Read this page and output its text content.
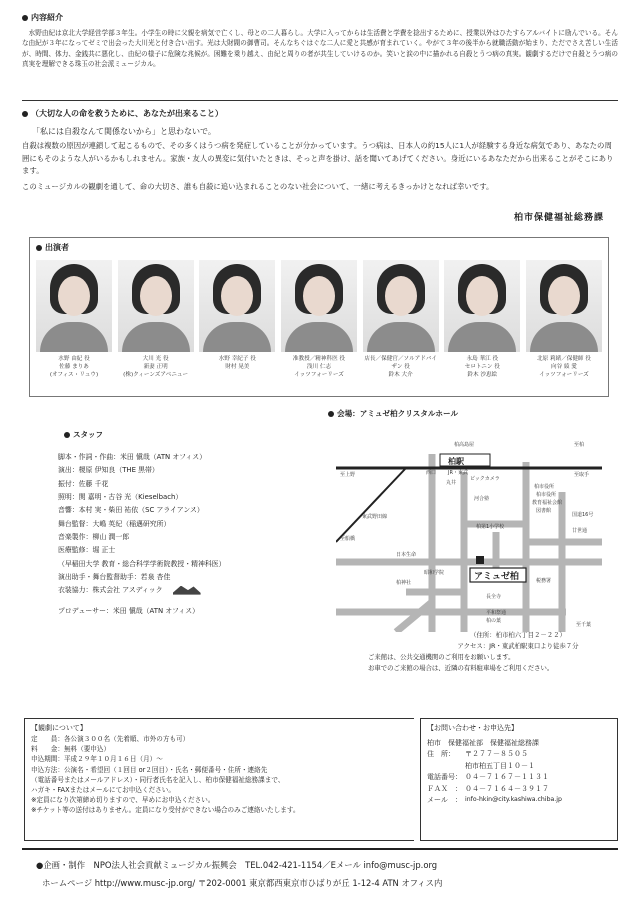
内容紹介

水野由紀は京北大学経営学部３年生。小学生の時に父親を病気で亡くし、母との二人暮らし。大学に入ってからは生活費と学費を捻出するために、授業以外はひたすらアルバイトに励んでいる。そんな由紀が３年になってゼミで出会った大川光と付き合い出す。光は大財閥の御曹司。そんなちぐはぐな二人に愛と共感が育まれていく。やがて３年の後半から就職活動が始まり、ただでさえ苦しい生活が、時間、体力、金銭共に悪化し、由紀の様子に危険な兆候が。困難を乗り越え、由紀と周りの者が共生していけるのか。笑いと涙の中に描かれる自殺とうつ病の真実。観劇するだけで自殺とうつ病の真実を理解できる珠玉の社会派ミュージカル。

（大切な人の命を救うために、あなたが出来ること）

「私には自殺なんて関係ないから」と思わないで。

自殺は複数の原因が連鎖して起こるもので、その多くはうつ病を発症していることが分かっています。うつ病は、日本人の約15人に1人が経験する身近な病気であり、あなたの周囲にもそのような人がいるかもしれません。家族・友人の異変に気付いたときは、そっと声を掛け、話を聞いてあげてください。身近にいるあなただから出来ることがそこにあります。

このミュージカルの観劇を通して、命の大切さ、誰も自殺に追い込まれることのない社会について、一緒に考えるきっかけとなれば幸いです。

柏市保健福祉総務課
出演者
水野 由紀 役
佐藤 まりあ
(オフィス・リュウ)
大川 光 役
新妻 正明
(株)クィーンズアベニュー
水野 幸紀子 役
財村 晃美
准教授／精神科医 役
浅川 仁志
イッツフォーリーズ
店長／保健官／ソルアドバイザン 役
鈴木 大介
永島 華江 役
セロトニン 役
鈴木 沙恵絵
北原 莉緒／保健師 役
向谷 綾 愛
イッツフォーリーズ
スタッフ
脚本・作詞・作曲：米田 愼哉（ATN オフィス）
演出：榎原 伊知良（THE 黒帯）
振付：佐藤 千花
照明：関 嘉明・古谷 光（Kieselbach）
音響：本村 実・柴田 祐依（SC アライアンス）
舞台監督：大嶋 英紀（稲邁研究所）
音楽製作：柳山 潤一郎
医療監修：堀 正士
（早稲田大学 教育・総合科学学術院教授・精神科医）
演出助手・舞台監督助手：若泉 杏佳
衣装協力：株式会社 アスディック
プロデューサー：米田 愼哉（ATN オフィス）
会場：アミュゼ柏クリスタルホール
柏駅
アミュゼ柏
柏高島屋
西口 JR・東武
ビックカメラ
丸井
至上野	至取手
至船橋
東武野田線
至柏
日本生命
柏神社
柏市役所
国道16号
教育福祉会館
図書館
河合塾
柏第1小学校
廿世通
柏の葉
昭和学院
長全寺
税務署
平和祭通
至千葉
柏市役所
（住所：柏市柏六丁目２－２２）
アクセス：JR・東武柏駅東口より徒歩７分
ご来館は、公共交通機関のご利用をお願いします。
お車でのご来館の場合は、近隣の有料駐車場をご利用ください。
【観劇について】
定　　員：各公演３００名（先着順、市外の方も可）
料　　金：無料（要申込）
申込期間：平成２９年１０月１６日（月）～
申込方法：公演名・希望回（１回目 or２回目）・氏名・郵便番号・住所・連絡先
（電話番号またはメールアドレス）・同行者氏名を記入し、柏市保健福祉総務課まで、
ハガキ・FAXまたはメールにてお申込ください。
※定員になり次第締め切りますので、早めにお申込ください。
※チケット等の送付はありません。定員になり受付ができない場合のみご連絡いたします。
【お問い合わせ・お申込先】
柏市　保健福祉部　保健福祉総務課
住　所：	〒２７７－８５０５
柏市柏五丁目１０－１
電話番号： ０４－７１６７－１１３１
ＦＡＸ　： ０４－７１６４－３９１７
メール　： info-hkin@city.kashiwa.chiba.jp
●企画・制作　NPO法人社会貢献ミュージカル振興会　TEL.042-421-1154／Eメール info@musc-jp.org
ホームページ http://www.musc-jp.org/ 〒202-0001 東京都西東京市ひばりが丘 1-12-4 ATN オフィス内
